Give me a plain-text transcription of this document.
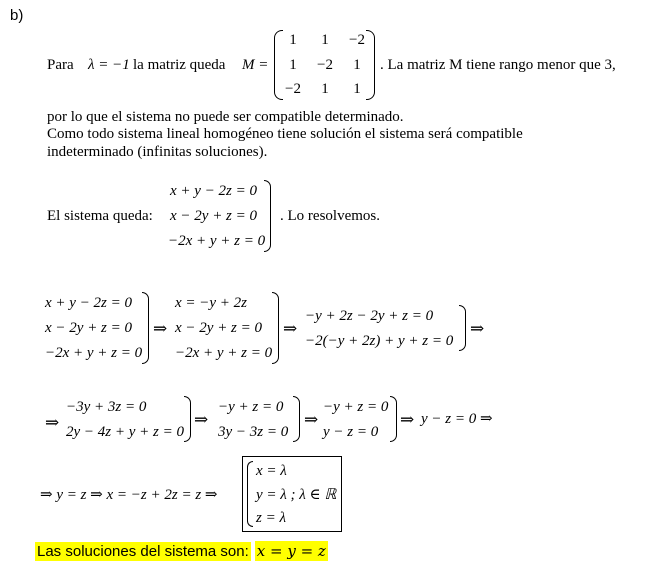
b)
Para λ = −1 la matriz queda M =
1	1	−2
1	−2	1
−2	1	1
. La matriz M tiene rango menor que 3,
por lo que el sistema no puede ser compatible determinado.
Como todo sistema lineal homogéneo tiene solución el sistema será compatible
indeterminado (infinitas soluciones).
El sistema queda:
x + y − 2z = 0
x − 2y + z = 0
−2x + y + z = 0
. Lo resolvemos.
x + y − 2z = 0
x − 2y + z = 0
−2x + y + z = 0
⇒
x = −y + 2z
x − 2y + z = 0
−2x + y + z = 0
⇒
−y + 2z − 2y + z = 0
−2(−y + 2z) + y + z = 0
⇒
⇒
−3y + 3z = 0
2y − 4z + y + z = 0
⇒
−y + z = 0
3y − 3z = 0
⇒
−y + z = 0
y − z = 0
⇒ y − z = 0 ⇒
⇒ y = z ⇒ x = −z + 2z = z ⇒
x = λ
y = λ ; λ ∈ ℝ
z = λ
Las soluciones del sistema son: x = y = z
